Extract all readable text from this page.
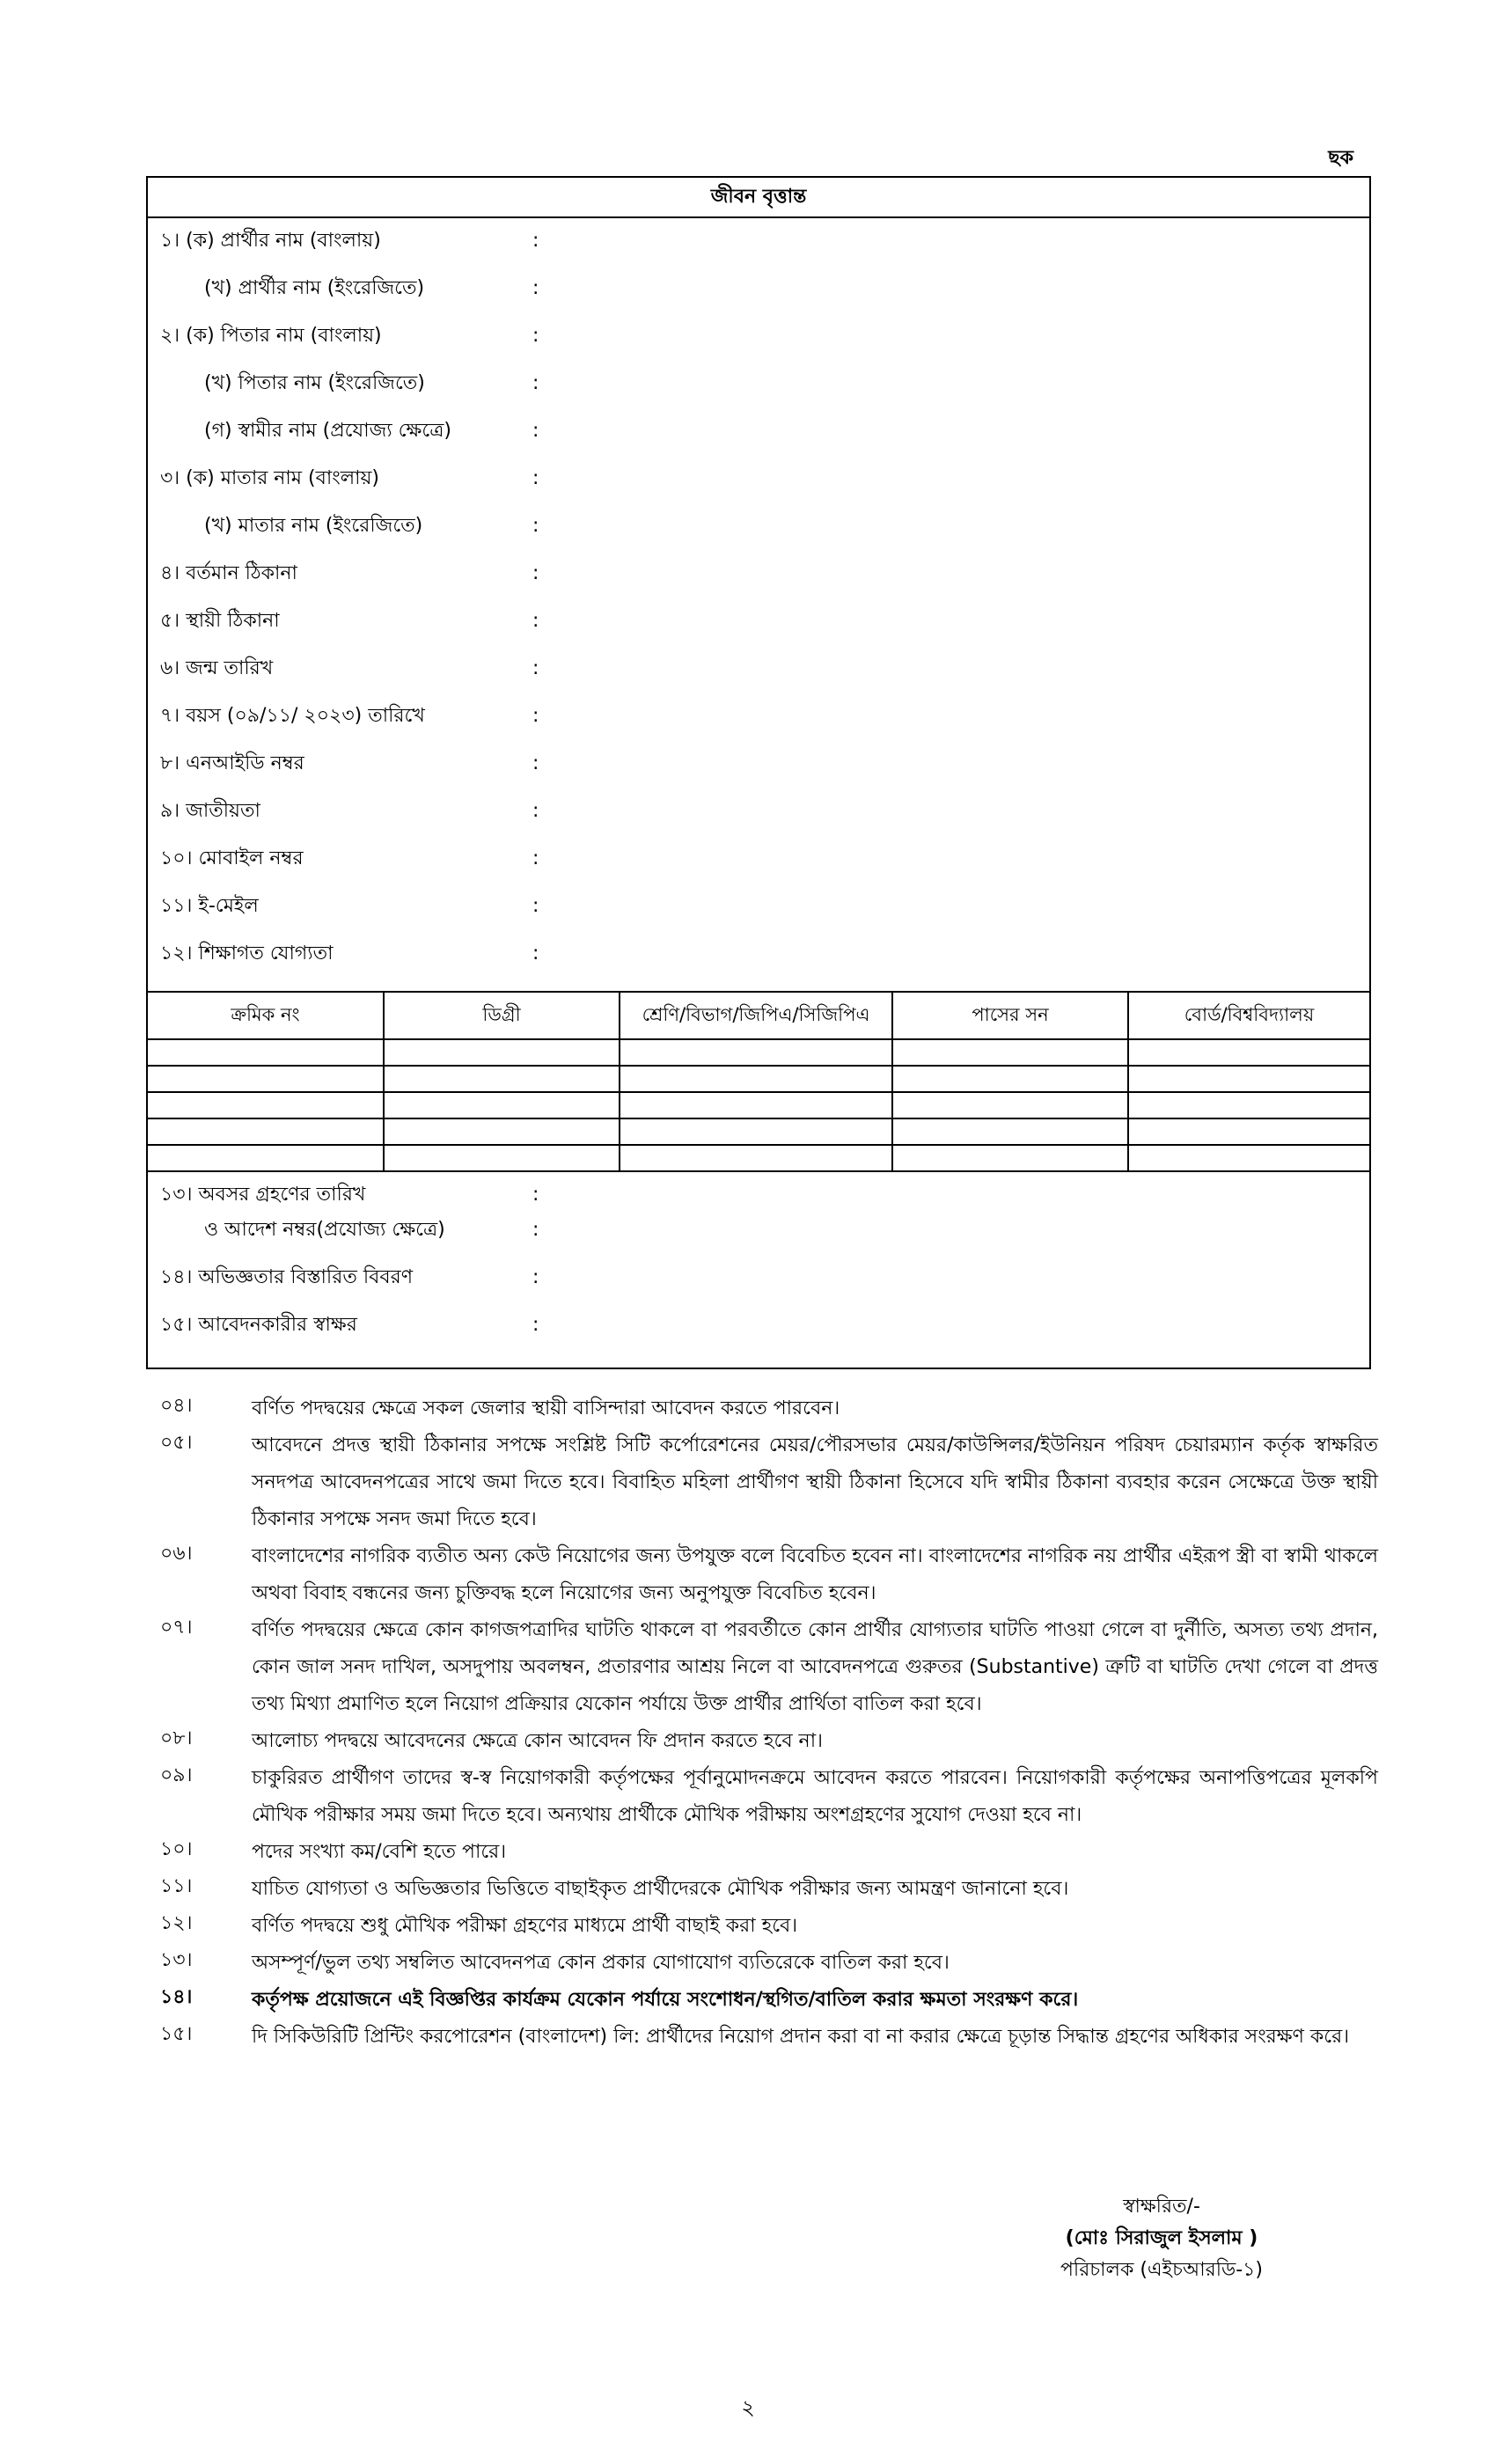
ছক
জীবন বৃত্তান্ত
১। (ক) প্রার্থীর নাম (বাংলায়)	:
(খ) প্রার্থীর নাম (ইংরেজিতে)	:
২। (ক) পিতার নাম (বাংলায়)	:
(খ) পিতার নাম (ইংরেজিতে)	:
(গ) স্বামীর নাম (প্রযোজ্য ক্ষেত্রে)	:
৩। (ক) মাতার নাম (বাংলায়)	:
(খ) মাতার নাম (ইংরেজিতে)	:
৪। বর্তমান ঠিকানা	:
৫। স্থায়ী ঠিকানা	:
৬। জন্ম তারিখ	:
৭। বয়স (০৯/১১/ ২০২৩) তারিখে	:
৮। এনআইডি নম্বর	:
৯। জাতীয়তা	:
১০। মোবাইল নম্বর	:
১১। ই-মেইল	:
১২। শিক্ষাগত যোগ্যতা	:
ক্রমিক নং	ডিগ্রী	শ্রেণি/বিভাগ/জিপিএ/সিজিপিএ	পাসের সন	বোর্ড/বিশ্ববিদ্যালয়

১৩। অবসর গ্রহণের তারিখ	:
ও আদেশ নম্বর(প্রযোজ্য ক্ষেত্রে)	:
১৪। অভিজ্ঞতার বিস্তারিত বিবরণ	:
১৫। আবেদনকারীর স্বাক্ষর	:
০৪।	বর্ণিত পদদ্বয়ের ক্ষেত্রে সকল জেলার স্থায়ী বাসিন্দারা আবেদন করতে পারবেন।
০৫।	আবেদনে প্রদত্ত স্থায়ী ঠিকানার সপক্ষে সংশ্লিষ্ট সিটি কর্পোরেশনের মেয়র/পৌরসভার মেয়র/কাউন্সিলর/ইউনিয়ন পরিষদ চেয়ারম্যান কর্তৃক স্বাক্ষরিত সনদপত্র আবেদনপত্রের সাথে জমা দিতে হবে। বিবাহিত মহিলা প্রার্থীগণ স্থায়ী ঠিকানা হিসেবে যদি স্বামীর ঠিকানা ব্যবহার করেন সেক্ষেত্রে উক্ত স্থায়ী ঠিকানার সপক্ষে সনদ জমা দিতে হবে।
০৬।	বাংলাদেশের নাগরিক ব্যতীত অন্য কেউ নিয়োগের জন্য উপযুক্ত বলে বিবেচিত হবেন না। বাংলাদেশের নাগরিক নয় প্রার্থীর এইরূপ স্ত্রী বা স্বামী থাকলে অথবা বিবাহ বন্ধনের জন্য চুক্তিবদ্ধ হলে নিয়োগের জন্য অনুপযুক্ত বিবেচিত হবেন।
০৭।	বর্ণিত পদদ্বয়ের ক্ষেত্রে কোন কাগজপত্রাদির ঘাটতি থাকলে বা পরবর্তীতে কোন প্রার্থীর যোগ্যতার ঘাটতি পাওয়া গেলে বা দুর্নীতি, অসত্য তথ্য প্রদান, কোন জাল সনদ দাখিল, অসদুপায় অবলম্বন, প্রতারণার আশ্রয় নিলে বা আবেদনপত্রে গুরুতর (Substantive) ত্রুটি বা ঘাটতি দেখা গেলে বা প্রদত্ত তথ্য মিথ্যা প্রমাণিত হলে নিয়োগ প্রক্রিয়ার যেকোন পর্যায়ে উক্ত প্রার্থীর প্রার্থিতা বাতিল করা হবে।
০৮।	আলোচ্য পদদ্বয়ে আবেদনের ক্ষেত্রে কোন আবেদন ফি প্রদান করতে হবে না।
০৯।	চাকুরিরত প্রার্থীগণ তাদের স্ব-স্ব নিয়োগকারী কর্তৃপক্ষের পূর্বানুমোদনক্রমে আবেদন করতে পারবেন। নিয়োগকারী কর্তৃপক্ষের অনাপত্তিপত্রের মূলকপি মৌখিক পরীক্ষার সময় জমা দিতে হবে। অন্যথায় প্রার্থীকে মৌখিক পরীক্ষায় অংশগ্রহণের সুযোগ দেওয়া হবে না।
১০।	পদের সংখ্যা কম/বেশি হতে পারে।
১১।	যাচিত যোগ্যতা ও অভিজ্ঞতার ভিত্তিতে বাছাইকৃত প্রার্থীদেরকে মৌখিক পরীক্ষার জন্য আমন্ত্রণ জানানো হবে।
১২।	বর্ণিত পদদ্বয়ে শুধু মৌখিক পরীক্ষা গ্রহণের মাধ্যমে প্রার্থী বাছাই করা হবে।
১৩।	অসম্পূর্ণ/ভুল তথ্য সম্বলিত আবেদনপত্র কোন প্রকার যোগাযোগ ব্যতিরেকে বাতিল করা হবে।
১৪।	কর্তৃপক্ষ প্রয়োজনে এই বিজ্ঞপ্তির কার্যক্রম যেকোন পর্যায়ে সংশোধন/স্থগিত/বাতিল করার ক্ষমতা সংরক্ষণ করে।
১৫।	দি সিকিউরিটি প্রিন্টিং করপোরেশন (বাংলাদেশ) লি: প্রার্থীদের নিয়োগ প্রদান করা বা না করার ক্ষেত্রে চূড়ান্ত সিদ্ধান্ত গ্রহণের অধিকার সংরক্ষণ করে।
স্বাক্ষরিত/-
(মোঃ সিরাজুল ইসলাম )
পরিচালক (এইচআরডি-১)
২
